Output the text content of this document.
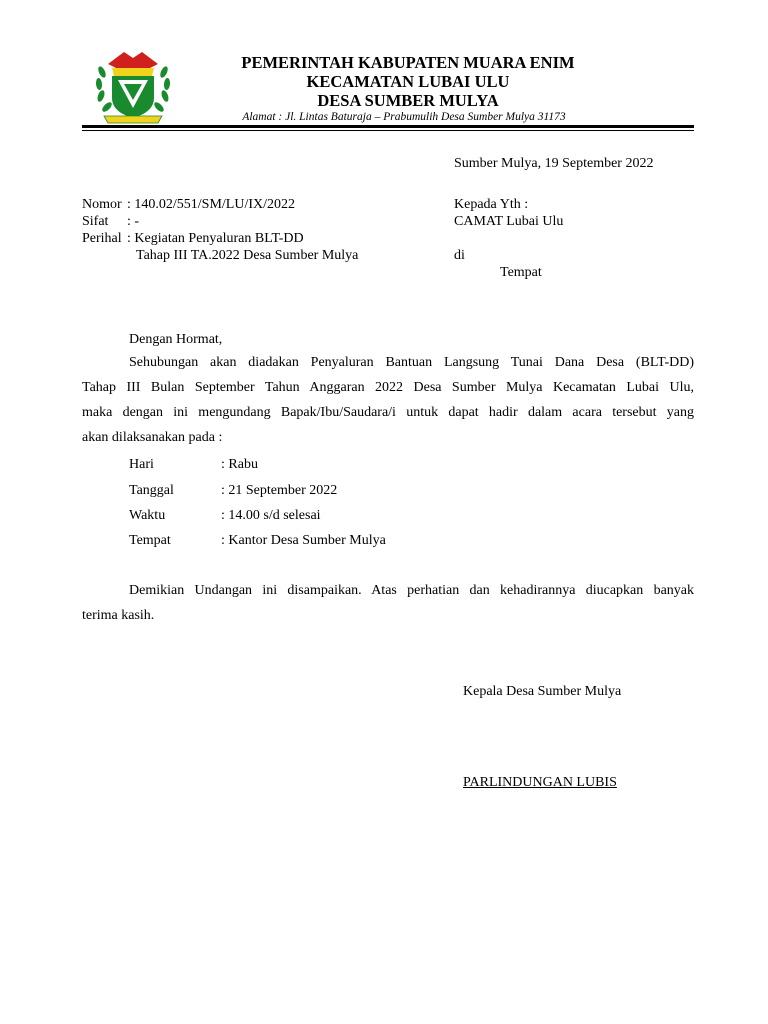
PEMERINTAH KABUPATEN MUARA ENIM
KECAMATAN LUBAI ULU
DESA SUMBER MULYA
Alamat : Jl. Lintas Baturaja – Prabumulih Desa Sumber Mulya 31173
Sumber Mulya, 19 September 2022
Nomor : 140.02/551/SM/LU/IX/2022
Sifat : -
Perihal : Kegiatan Penyaluran BLT-DD
Tahap III TA.2022 Desa Sumber Mulya
Kepada Yth :
CAMAT Lubai Ulu
di
Tempat
Dengan Hormat,
Sehubungan akan diadakan Penyaluran Bantuan Langsung Tunai Dana Desa (BLT-DD)
Tahap III Bulan September Tahun Anggaran 2022 Desa Sumber Mulya Kecamatan Lubai Ulu,
maka dengan ini mengundang Bapak/Ibu/Saudara/i untuk dapat hadir dalam acara tersebut yang
akan dilaksanakan pada :
Hari	: Rabu
Tanggal	: 21 September 2022
Waktu	: 14.00 s/d selesai
Tempat	: Kantor Desa Sumber Mulya
Demikian Undangan ini disampaikan. Atas perhatian dan kehadirannya diucapkan banyak
terima kasih.
Kepala Desa Sumber Mulya
PARLINDUNGAN LUBIS
